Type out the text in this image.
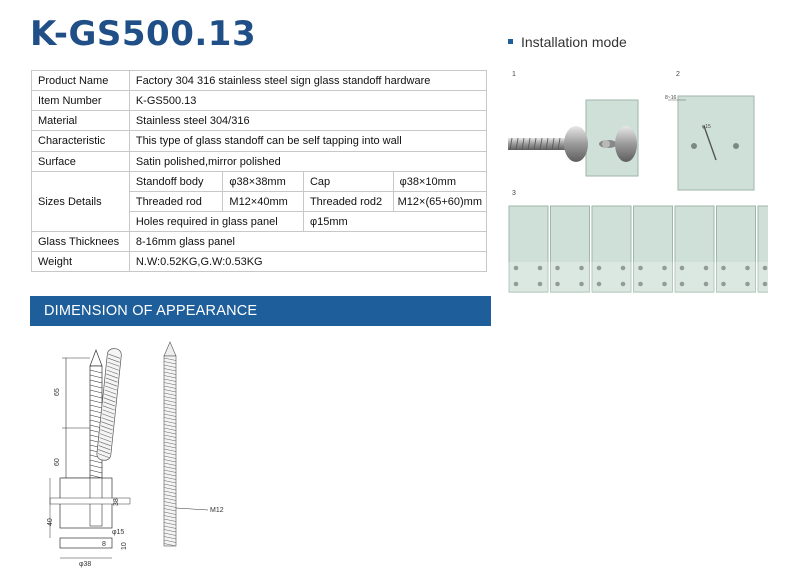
K-GS500.13
Product Name	Factory 304 316 stainless steel sign glass standoff hardware			
Item Number	K-GS500.13			
Material	Stainless steel 304/316			
Characteristic	This type of glass standoff can be self tapping into wall			
Surface	Satin polished,mirror polished			
Sizes Details	Standoff body	φ38×38mm	Cap	φ38×10mm
	Threaded rod	M12×40mm	Threaded rod2	M12×(65+60)mm
	Holes required in glass panel		φ15mm	
Glass Thicknees	8-16mm glass panel			
Weight	N.W:0.52KG,G.W:0.53KG			
DIMENSION OF APPEARANCE
Installation mode
1	2
8~16
φ15
3
65
60
40
38
φ15
8 10
φ38
M12
